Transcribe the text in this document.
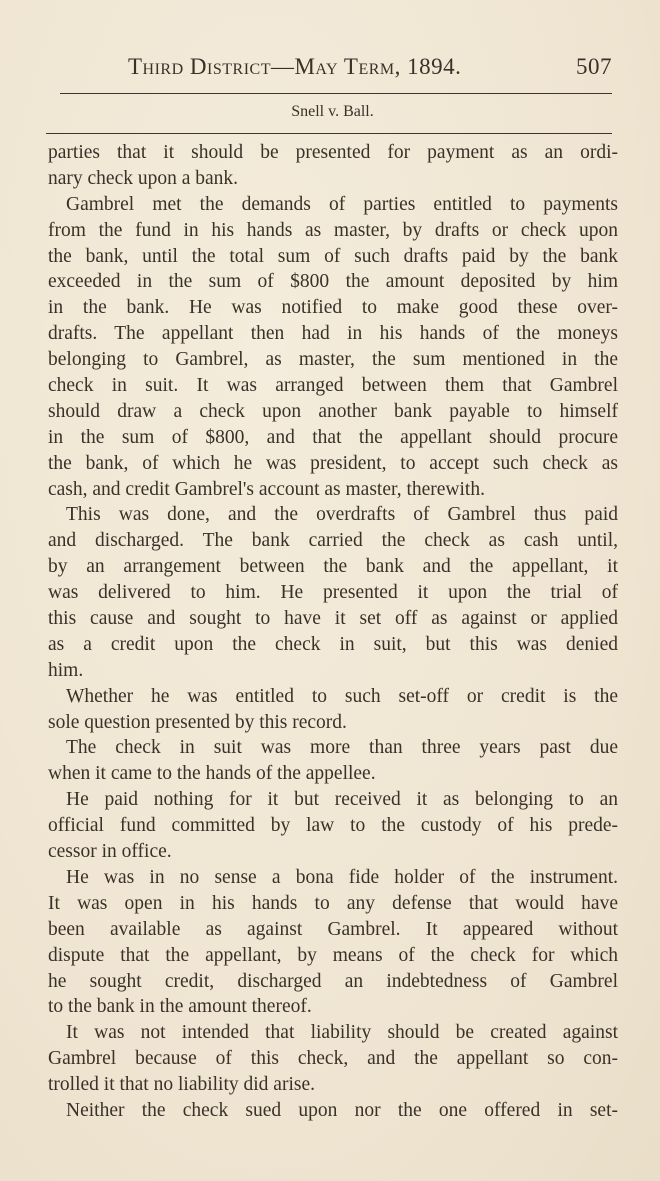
Third District—May Term, 1894.	507
Snell v. Ball.
parties that it should be presented for payment as an ordi-
nary check upon a bank.
Gambrel met the demands of parties entitled to payments
from the fund in his hands as master, by drafts or check upon
the bank, until the total sum of such drafts paid by the bank
exceeded in the sum of $800 the amount deposited by him
in the bank. He was notified to make good these over-
drafts. The appellant then had in his hands of the moneys
belonging to Gambrel, as master, the sum mentioned in the
check in suit. It was arranged between them that Gambrel
should draw a check upon another bank payable to himself
in the sum of $800, and that the appellant should procure
the bank, of which he was president, to accept such check as
cash, and credit Gambrel's account as master, therewith.
This was done, and the overdrafts of Gambrel thus paid
and discharged. The bank carried the check as cash until,
by an arrangement between the bank and the appellant, it
was delivered to him. He presented it upon the trial of
this cause and sought to have it set off as against or applied
as a credit upon the check in suit, but this was denied
him.
Whether he was entitled to such set-off or credit is the
sole question presented by this record.
The check in suit was more than three years past due
when it came to the hands of the appellee.
He paid nothing for it but received it as belonging to an
official fund committed by law to the custody of his prede-
cessor in office.
He was in no sense a bona fide holder of the instrument.
It was open in his hands to any defense that would have
been available as against Gambrel. It appeared without
dispute that the appellant, by means of the check for which
he sought credit, discharged an indebtedness of Gambrel
to the bank in the amount thereof.
It was not intended that liability should be created against
Gambrel because of this check, and the appellant so con-
trolled it that no liability did arise.
Neither the check sued upon nor the one offered in set-
